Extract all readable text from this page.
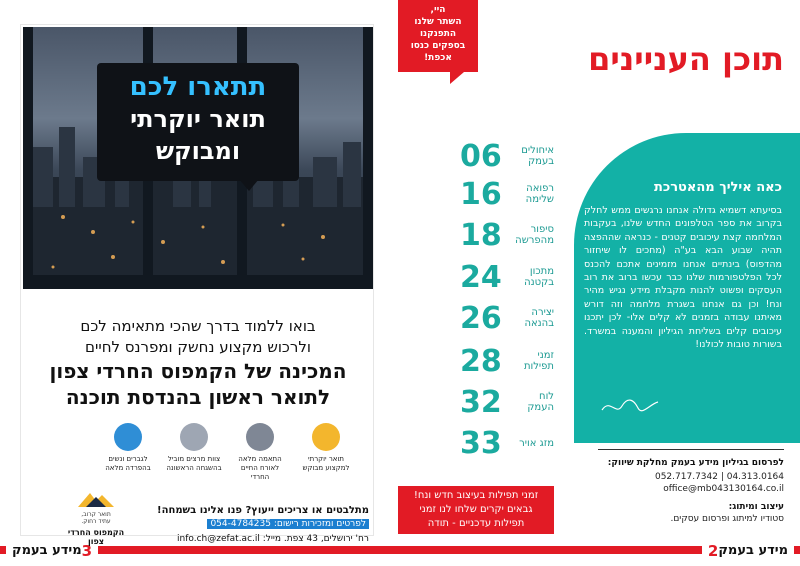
3
מידע בעמק	מידע בעמק
2
תתארו לכם
תואר יוקרתי
ומבוקש
בואו ללמוד בדרך שהכי מתאימה לכם
ולרכוש מקצוע נחשק ומפרנס לחיים
המכינה של הקמפוס החרדי צפון
לתואר ראשון בהנדסת תוכנה
תואר יוקרתי למקצוע מבוקש
התאמה מלאה לאורח החיים החרדי
צוות מרצים מוביל בהשגחה הראשונה
לגברים ונשים בהפרדה מלאה
תואר קרוב,
עתיד רחוק.
הקמפוס החרדי צפון
מתלבטים או צריכים ייעוץ? פנו אלינו בשמחה!
לפרטים ומזכירות רישום: 054-4784235
רח' ירושלים, 43 צפת. מייל: info.ch@zefat.ac.il
היי,
השתר שלנו
התפנקנו
בספקים כנסו
אכפת!	תוכן העניינים
איחולים בעמק
06
רפואה שלימה
16
סיפור מהפרשה
18
מתכון בקטנה
24
יצירה בהנאה
26
זמני תפילות
28
לוח העמק
32
מזג אויר
33
זמני תפילות בעיצוב חדש ונח!
גבאים יקרים שלחו לנו זמני
תפילות עדכניים - תודה
כאה איליך מהאטרכת
בסיעתא דשמיא גדולה אנחנו נרגשים ממש לחלק בקרוב את ספר הטלפונים החדש שלנו, בעקבות המלחמה קצת עיכובים קטנים - כנראה שההפצה תהיה שבוע הבא בע"ה (מחכים לו שיחזור מהדפוס) בינתיים אנחנו מזמינים אתכם להכנס לכל הפלטפורמות שלנו כבר עכשו ברוב את רוב העסקים ופשוט להנות מקבלת מידע נגיש מהיר ונח! וכן גם אנחנו בשגרת מלחמה וזה דורש מאיתנו עבודה בזמנים לא קלים אלו- לכן יתכנו עיכובים קלים בשליחת הגיליון והמענה במשרד. בשורות טובות לכולנו!
לפרסום בגיליון מידע בעמק מחלקת שיווק:
04.313.0164 | 052.717.7342
office@mb043130164.co.il
עיצוב ומיתוג:
סטודיו למיתוג ופרסום עסקים.
